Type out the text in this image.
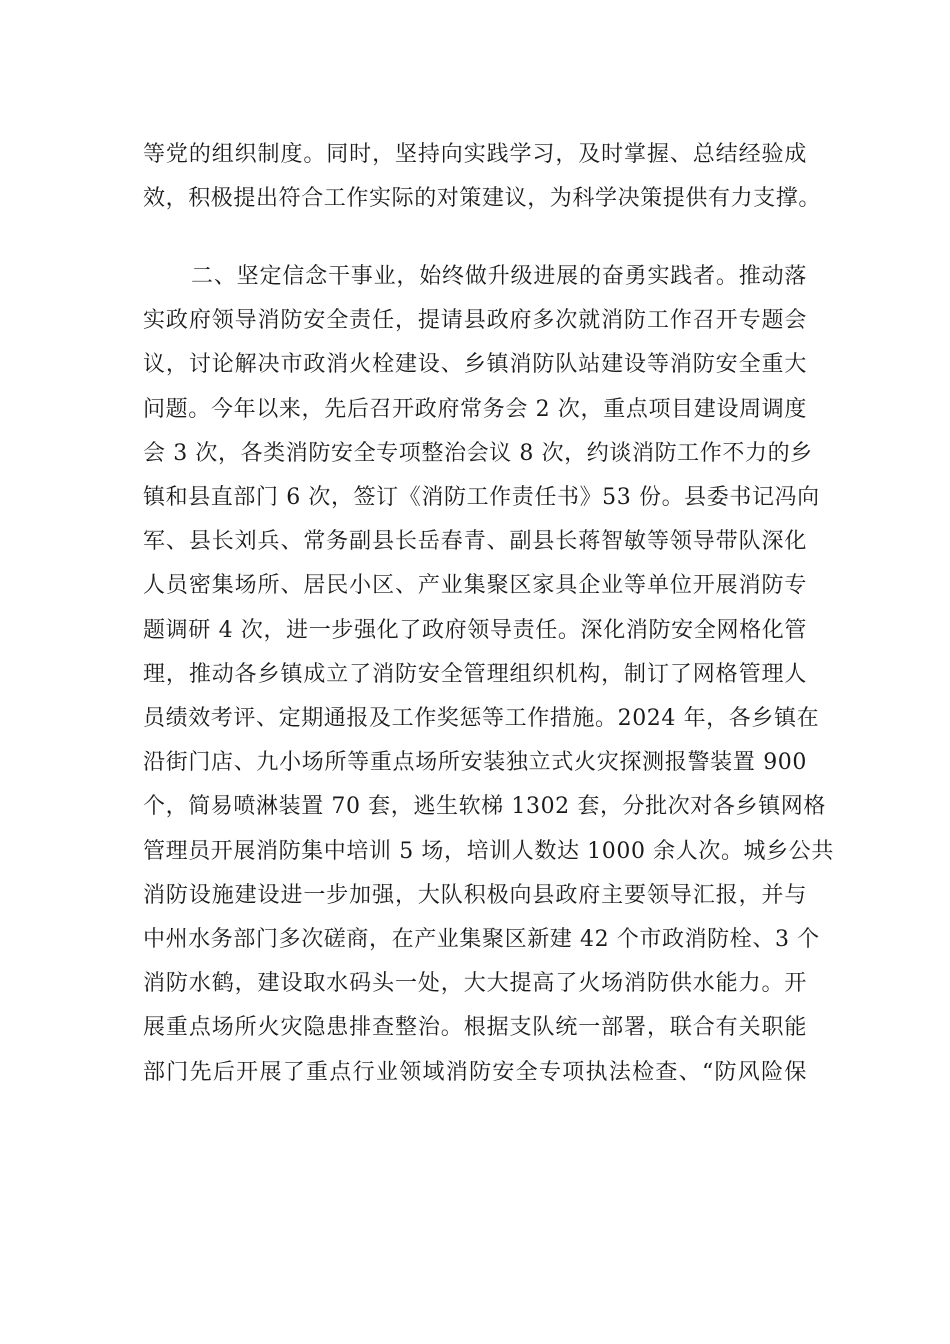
等党的组织制度。同时，坚持向实践学习，及时掌握、总结经验成
效，积极提出符合工作实际的对策建议，为科学决策提供有力支撑。

二、坚定信念干事业，始终做升级进展的奋勇实践者。推动落
实政府领导消防安全责任，提请县政府多次就消防工作召开专题会
议，讨论解决市政消火栓建设、乡镇消防队站建设等消防安全重大
问题。今年以来，先后召开政府常务会 2 次，重点项目建设周调度
会 3 次，各类消防安全专项整治会议 8 次，约谈消防工作不力的乡
镇和县直部门 6 次，签订《消防工作责任书》53 份。县委书记冯向
军、县长刘兵、常务副县长岳春青、副县长蒋智敏等领导带队深化
人员密集场所、居民小区、产业集聚区家具企业等单位开展消防专
题调研 4 次，进一步强化了政府领导责任。深化消防安全网格化管
理，推动各乡镇成立了消防安全管理组织机构，制订了网格管理人
员绩效考评、定期通报及工作奖惩等工作措施。2024 年，各乡镇在
沿街门店、九小场所等重点场所安装独立式火灾探测报警装置 900
个，简易喷淋装置 70 套，逃生软梯 1302 套，分批次对各乡镇网格
管理员开展消防集中培训 5 场，培训人数达 1000 余人次。城乡公共
消防设施建设进一步加强，大队积极向县政府主要领导汇报，并与
中州水务部门多次磋商，在产业集聚区新建 42 个市政消防栓、3 个
消防水鹤，建设取水码头一处，大大提高了火场消防供水能力。开
展重点场所火灾隐患排查整治。根据支队统一部署，联合有关职能
部门先后开展了重点行业领域消防安全专项执法检查、“防风险保
